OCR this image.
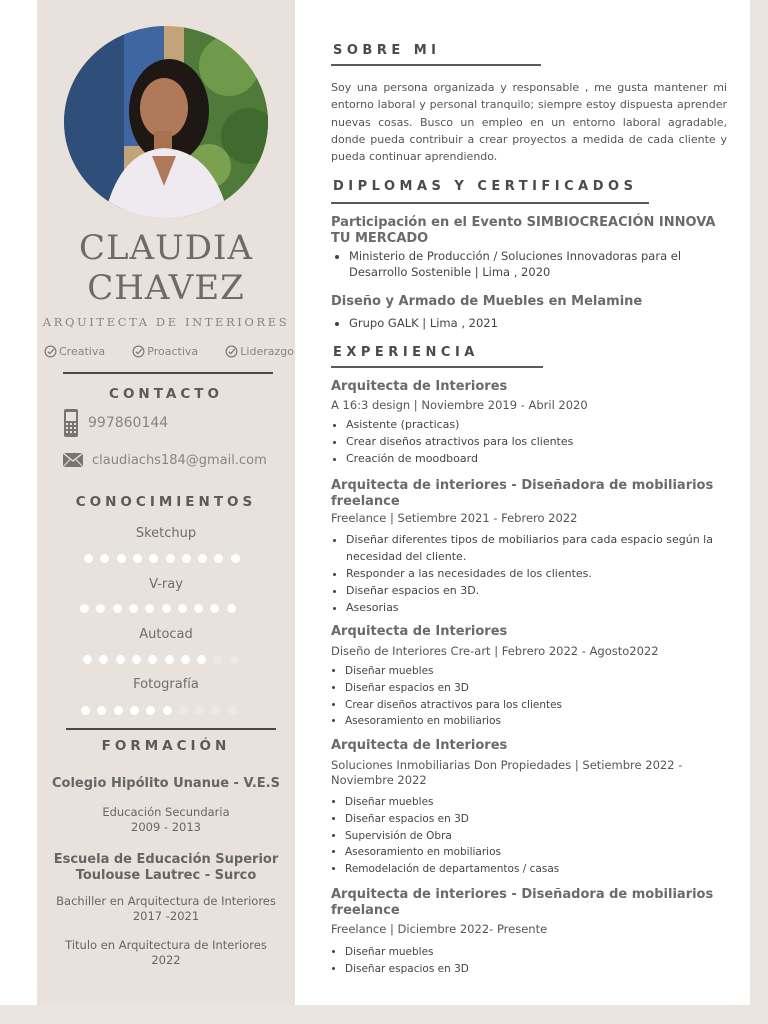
CLAUDIA
CHAVEZ
ARQUITECTA DE INTERIORES
Creativa	Proactiva	Liderazgo
CONTACTO
997860144
claudiachs184@gmail.com
CONOCIMIENTOS
Sketchup
V-ray
Autocad
Fotografía
FORMACIÓN
Colegio Hipólito Unanue - V.E.S
Educación Secundaria
2009 - 2013
Escuela de Educación Superior
Toulouse Lautrec - Surco
Bachiller en Arquitectura de Interiores
2017 -2021
Titulo en Arquitectura de Interiores
2022
SOBRE MI
Soy una persona organizada y responsable , me gusta mantener mi entorno laboral y personal tranquilo; siempre estoy dispuesta aprender nuevas cosas. Busco un empleo en un entorno laboral agradable, donde pueda contribuir a crear proyectos a medida de cada cliente y pueda continuar aprendiendo.
DIPLOMAS Y CERTIFICADOS
Participación en el Evento SIMBIOCREACIÓN INNOVA
TU MERCADO
• Ministerio de Producción / Soluciones Innovadoras para el Desarrollo Sostenible | Lima , 2020
Diseño y Armado de Muebles en Melamine
• Grupo GALK | Lima , 2021
EXPERIENCIA
Arquitecta de Interiores
A 16:3 design | Noviembre 2019 - Abril 2020
• Asistente (practicas)
• Crear diseños atractivos para los clientes
• Creación de moodboard
Arquitecta de interiores - Diseñadora de mobiliarios freelance
Freelance | Setiembre 2021 - Febrero 2022
• Diseñar diferentes tipos de mobiliarios para cada espacio según la necesidad del cliente.
• Responder a las necesidades de los clientes.
• Diseñar espacios en 3D.
• Asesorias
Arquitecta de Interiores
Diseño de Interiores Cre-art | Febrero 2022 - Agosto2022
• Diseñar muebles
• Diseñar espacios en 3D
• Crear diseños atractivos para los clientes
• Asesoramiento en mobiliarios
Arquitecta de Interiores
Soluciones Inmobiliarias Don Propiedades | Setiembre 2022 - Noviembre 2022
• Diseñar muebles
• Diseñar espacios en 3D
• Supervisión de Obra
• Asesoramiento en mobiliarios
• Remodelación de departamentos / casas
Arquitecta de interiores - Diseñadora de mobiliarios freelance
Freelance | Diciembre 2022- Presente
• Diseñar muebles
• Diseñar espacios en 3D
